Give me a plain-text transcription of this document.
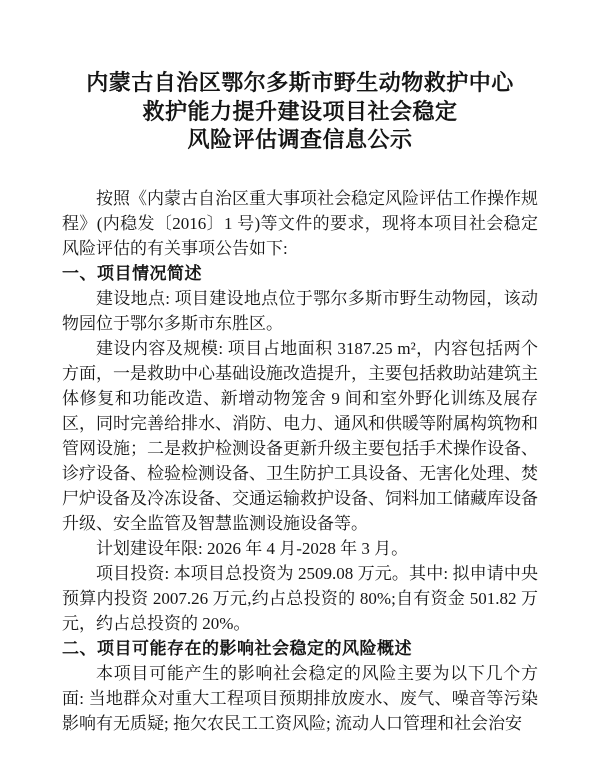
内蒙古自治区鄂尔多斯市野生动物救护中心
救护能力提升建设项目社会稳定
风险评估调查信息公示

按照《内蒙古自治区重大事项社会稳定风险评估工作操作规程》(内稳发〔2016〕1 号)等文件的要求，现将本项目社会稳定风险评估的有关事项公告如下:

一、项目情况简述

建设地点: 项目建设地点位于鄂尔多斯市野生动物园，该动物园位于鄂尔多斯市东胜区。

建设内容及规模: 项目占地面积 3187.25 m²，内容包括两个方面，一是救助中心基础设施改造提升，主要包括救助站建筑主体修复和功能改造、新增动物笼舍 9 间和室外野化训练及展存区，同时完善给排水、消防、电力、通风和供暖等附属构筑物和管网设施；二是救护检测设备更新升级主要包括手术操作设备、诊疗设备、检验检测设备、卫生防护工具设备、无害化处理、焚尸炉设备及冷冻设备、交通运输救护设备、饲料加工储藏库设备升级、安全监管及智慧监测设施设备等。

计划建设年限: 2026 年 4 月-2028 年 3 月。

项目投资: 本项目总投资为 2509.08 万元。其中: 拟申请中央预算内投资 2007.26 万元,约占总投资的 80%;自有资金 501.82 万元，约占总投资的 20%。

二、项目可能存在的影响社会稳定的风险概述

本项目可能产生的影响社会稳定的风险主要为以下几个方面: 当地群众对重大工程项目预期排放废水、废气、噪音等污染影响有无质疑; 拖欠农民工工资风险; 流动人口管理和社会治安
